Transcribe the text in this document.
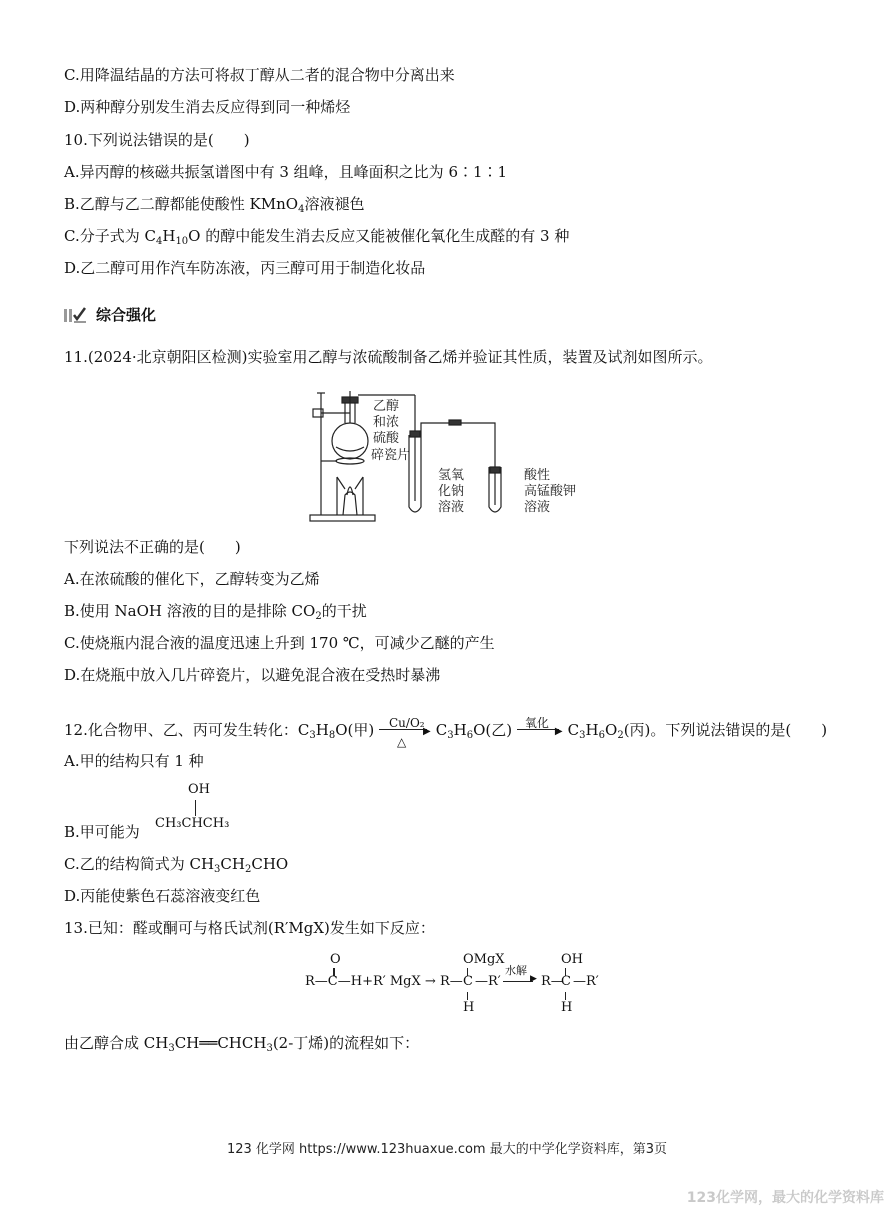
C.用降温结晶的方法可将叔丁醇从二者的混合物中分离出来
D.两种醇分别发生消去反应得到同一种烯烃
10.下列说法错误的是(　　)
A.异丙醇的核磁共振氢谱图中有 3 组峰，且峰面积之比为 6∶1∶1
B.乙醇与乙二醇都能使酸性 KMnO$_4$溶液褪色
C.分子式为 $C_4H_{10}O$ 的醇中能发生消去反应又能被催化氧化生成醛的有 3 种
D.乙二醇可用作汽车防冻液，丙三醇可用于制造化妆品
综合强化
11.(2024·北京朝阳区检测)实验室用乙醇与浓硫酸制备乙烯并验证其性质，装置及试剂如图所示。
乙醇
和浓
硫酸
碎瓷片
氢氧
化钠
溶液
酸性
高锰酸钾
溶液
下列说法不正确的是(　　)
A.在浓硫酸的催化下，乙醇转变为乙烯
B.使用 NaOH 溶液的目的是排除 $CO_2$的干扰
C.使烧瓶内混合液的温度迅速上升到 170 ℃，可减少乙醚的产生
D.在烧瓶中放入几片碎瓷片，以避免混合液在受热时暴沸
12.化合物甲、乙、丙可发生转化：$C_3H_8O$(甲) Cu/O₂
▶
△
$C_3H_6O$(乙) 氧化
▶ $C_3H_6O_2$(丙)。下列说法错误的是(　　)
A.甲的结构只有 1 种
B.甲可能为
OH
CH₃CHCH₃
C.乙的结构简式为 $CH_3CH_2CHO$
D.丙能使紫色石蕊溶液变红色
13.已知：醛或酮可与格氏试剂(R′MgX)发生如下反应：
O
R—C—H+R′ MgX → R—
OMgX
C
H
—R′
水解
▶ R—
OH
C —R′
H
由乙醇合成 $CH_3CH══CHCH_3(2-$丁烯)的流程如下：
123 化学网 https://www.123huaxue.com 最大的中学化学资料库，第3页
123化学网，最大的化学资料库
